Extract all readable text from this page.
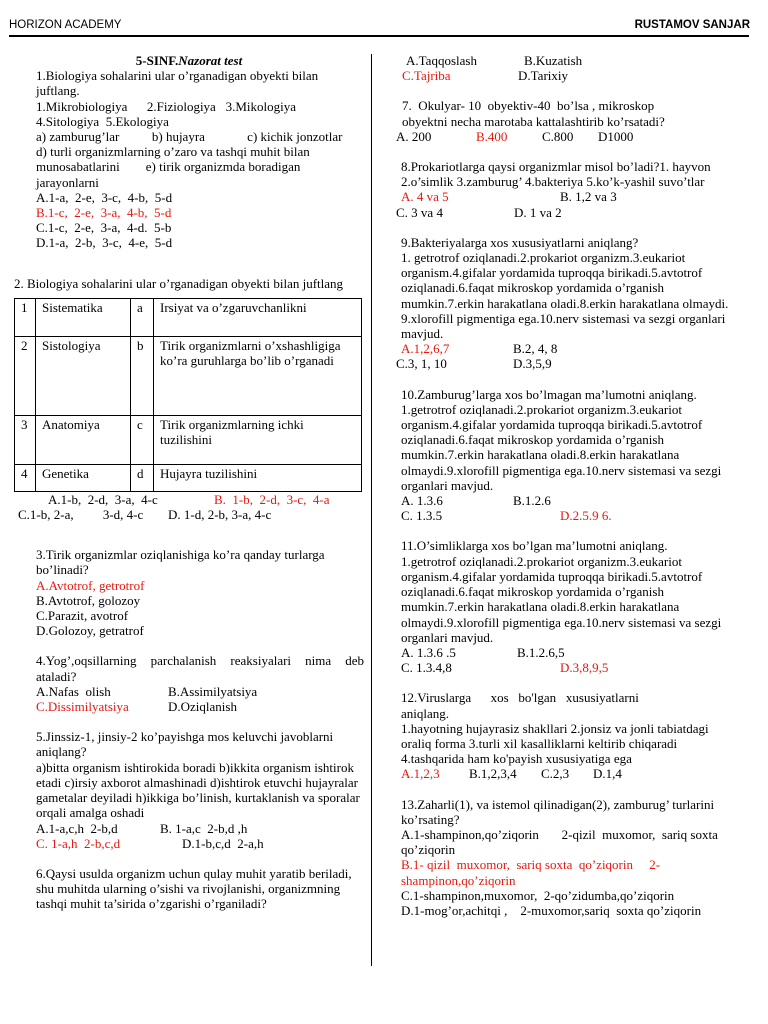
HORIZON ACADEMY	RUSTAMOV SANJAR
5-SINF.Nazorat test

1.Biologiya sohalarini ular o’rganadigan obyekti bilan juftlang.

1.Mikrobiologiya      2.Fiziologiya   3.Mikologiya

4.Sitologiya  5.Ekologiya

a) zamburug’lar          b) hujayra             c) kichik jonzotlar

d) turli organizmlarning o’zaro va tashqi muhit bilan

munosabatlarini        e) tirik organizmda boradigan

jarayonlarni

A.1-a,  2-e,  3-c,  4-b,  5-d

B.1-c,  2-e,  3-a,  4-b,  5-d

C.1-c,  2-e,  3-a,  4-d.  5-b

D.1-a,  2-b,  3-c,  4-e,  5-d

2. Biologiya sohalarini ular o’rganadigan obyekti bilan juftlang

1	Sistematika	a	Irsiyat va o’zgaruvchanlikni
2	Sistologiya	b	Tirik organizmlarni o’xshashligiga ko’ra guruhlarga bo’lib o’rganadi
3	Anatomiya	c	Tirik organizmlarning ichki tuzilishini
4	Genetika	d	Hujayra tuzilishini
A.1-b,  2-d,  3-a,  4-c	B.  1-b,  2-d,  3-c,  4-a
C.1-b, 2-a,         3-d, 4-c D. 1-d, 2-b, 3-a, 4-c

3.Tirik organizmlar oziqlanishiga ko’ra qanday turlarga bo’linadi?

A.Avtotrof, getrotrof

B.Avtotrof, golozoy

C.Parazit, avotrof

D.Golozoy, getratrof

4.Yog’,oqsillarning parchalanish reaksiyalari nima deb ataladi?

A.Nafas  olish	B.Assimilyatsiya
C.Dissimilyatsiya	D.Oziqlanish

5.Jinssiz-1, jinsiy-2 ko’payishga mos keluvchi javoblarni aniqlang?

a)bitta organism ishtirokida boradi b)ikkita organism ishtirok etadi c)irsiy axborot almashinadi d)ishtirok etuvchi hujayralar gametalar deyiladi h)ikkiga bo’linish, kurtaklanish va sporalar orqali amalga oshadi

A.1-a,c,h  2-b,d	B. 1-a,c  2-b,d ,h
C. 1-a,h  2-b,c,d	D.1-b,c,d  2-a,h

6.Qaysi usulda organizm uchun qulay muhit yaratib beriladi, shu muhitda ularning o’sishi va rivojlanishi, organizmning tashqi muhit ta’sirida o’zgarishi o’rganiladi?

A.Taqqoslash	B.Kuzatish
C.Tajriba	D.Tarixiy

7.  Okulyar- 10  obyektiv-40  bo’lsa , mikroskop

obyektni necha marotaba kattalashtirib ko’rsatadi?

A. 200	B.400	C.800 D1000

8.Prokariotlarga qaysi organizmlar misol bo’ladi?1. hayvon 2.o’simlik 3.zamburug’ 4.bakteriya 5.ko’k-yashil suvo’tlar

A. 4 va 5	B. 1,2 va 3
C. 3 va 4	D. 1 va 2

9.Bakteriyalarga xos xususiyatlarni aniqlang?

1. getrotrof oziqlanadi.2.prokariot organizm.3.eukariot organism.4.gifalar yordamida tuproqqa birikadi.5.avtotrof oziqlanadi.6.faqat mikroskop yordamida o’rganish mumkin.7.erkin harakatlana oladi.8.erkin harakatlana olmaydi. 9.xlorofill pigmentiga ega.10.nerv sistemasi va sezgi organlari mavjud.

A.1,2,6,7	B.2, 4, 8
C.3, 1, 10	D.3,5,9

10.Zamburug’larga xos bo’lmagan ma’lumotni aniqlang.

1.getrotrof oziqlanadi.2.prokariot organizm.3.eukariot organism.4.gifalar yordamida tuproqqa birikadi.5.avtotrof oziqlanadi.6.faqat mikroskop yordamida o’rganish mumkin.7.erkin harakatlana oladi.8.erkin harakatlana olmaydi.9.xlorofill pigmentiga ega.10.nerv sistemasi va sezgi organlari mavjud.

A. 1.3.6	B.1.2.6
C. 1.3.5	D.2.5.9 6.

11.O’simliklarga xos bo’lgan ma’lumotni aniqlang.

1.getrotrof oziqlanadi.2.prokariot organizm.3.eukariot organism.4.gifalar yordamida tuproqqa birikadi.5.avtotrof oziqlanadi.6.faqat mikroskop yordamida o’rganish mumkin.7.erkin harakatlana oladi.8.erkin harakatlana olmaydi.9.xlorofill pigmentiga ega.10.nerv sistemasi va sezgi organlari mavjud.

A. 1.3.6 .5	B.1.2.6,5
C. 1.3.4,8	D.3,8,9,5

12.Viruslarga      xos   bo'lgan   xususiyatlarni

aniqlang.

1.hayotning hujayrasiz shakllari 2.jonsiz va jonli tabiatdagi oraliq forma 3.turli xil kasalliklarni keltirib chiqaradi 4.tashqarida ham ko'payish xususiyatiga ega

A.1,2,3 B.1,2,3,4 C.2,3 D.1,4

13.Zaharli(1), va istemol qilinadigan(2), zamburug’ turlarini ko’rsating?

A.1-shampinon,qo’ziqorin       2-qizil  muxomor,  sariq soxta  qo’ziqorin

B.1- qizil  muxomor,  sariq soxta  qo’ziqorin     2-shampinon,qo’ziqorin

C.1-shampinon,muxomor,  2-qo’zidumba,qo’ziqorin

D.1-mog’or,achitqi ,    2-muxomor,sariq  soxta qo’ziqorin
